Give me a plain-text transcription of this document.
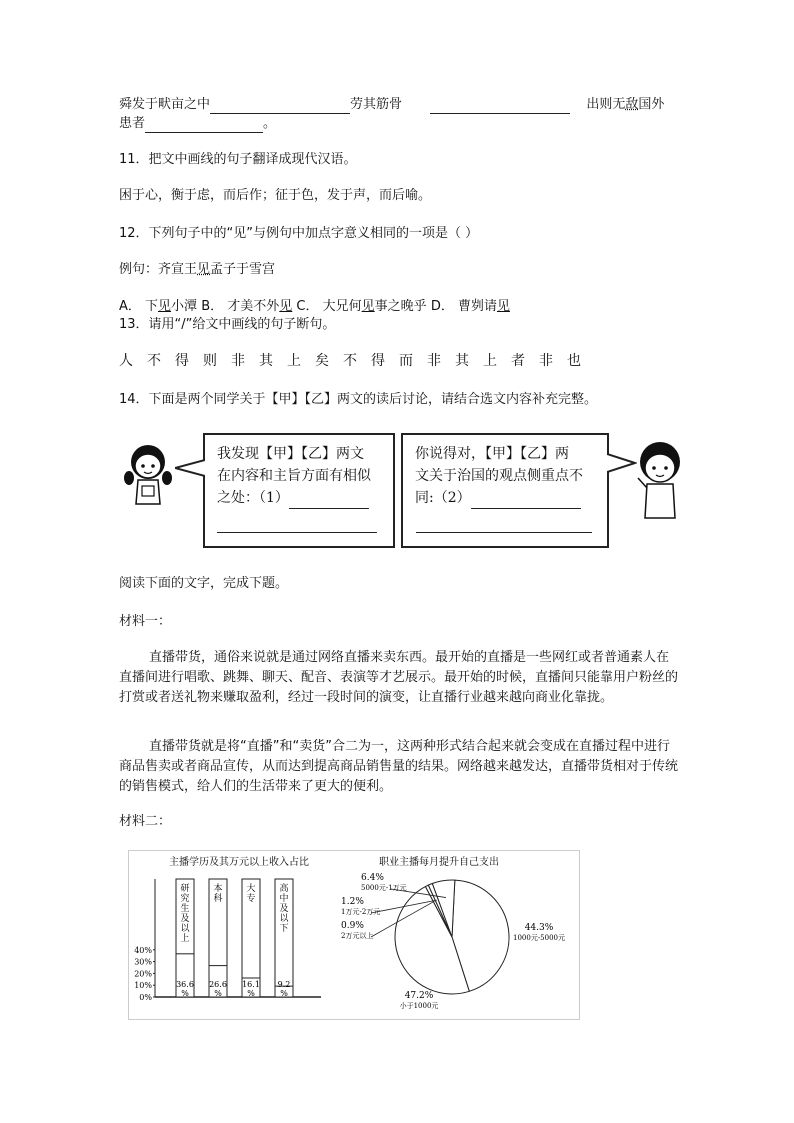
舜发于畎亩之中	劳其筋骨	出则无敌国外
患者	。
11．把文中画线的句子翻译成现代汉语。
困于心，衡于虑，而后作；征于色，发于声，而后喻。
12．下列句子中的“见”与例句中加点字意义相同的一项是（ ）
例句：齐宣王见孟子于雪宫
A． 下见小潭 B． 才美不外见 C． 大兄何见事之晚乎 D． 曹刿请见
13．请用“/”给文中画线的句子断句。
人不得则非其上矣不得而非其上者非也
14．下面是两个同学关于【甲】【乙】两文的读后讨论，请结合选文内容补充完整。
我发现【甲】【乙】两文
在内容和主旨方面有相似
之处：（1）
你说得对，【甲】【乙】两
文关于治国的观点侧重点不
同:（2）
阅读下面的文字，完成下题。
材料一：
直播带货，通俗来说就是通过网络直播来卖东西。最开始的直播是一些网红或者普通素人在直播间进行唱歌、跳舞、聊天、配音、表演等才艺展示。最开始的时候，直播间只能靠用户粉丝的打赏或者送礼物来赚取盈利，经过一段时间的演变，让直播行业越来越向商业化靠拢。
直播带货就是将“直播”和“卖货”合二为一，这两种形式结合起来就会变成在直播过程中进行商品售卖或者商品宣传，从而达到提高商品销售量的结果。网络越来越发达，直播带货相对于传统的销售模式，给人们的生活带来了更大的便利。
材料二：
主播学历及其万元以上收入占比
0%
10%
20%
30%
40%
研
究
生
及
以
上
36.6
%
本
科
26.6
%
大
专
16.1
%
高
中
及
以
下
9.2
%
职业主播每月提升自己支出
44.3%
1000元-5000元
47.2%
小于1000元
0.9%
2万元以上
1.2%
1万元-2万元
6.4%
5000元-1万元
